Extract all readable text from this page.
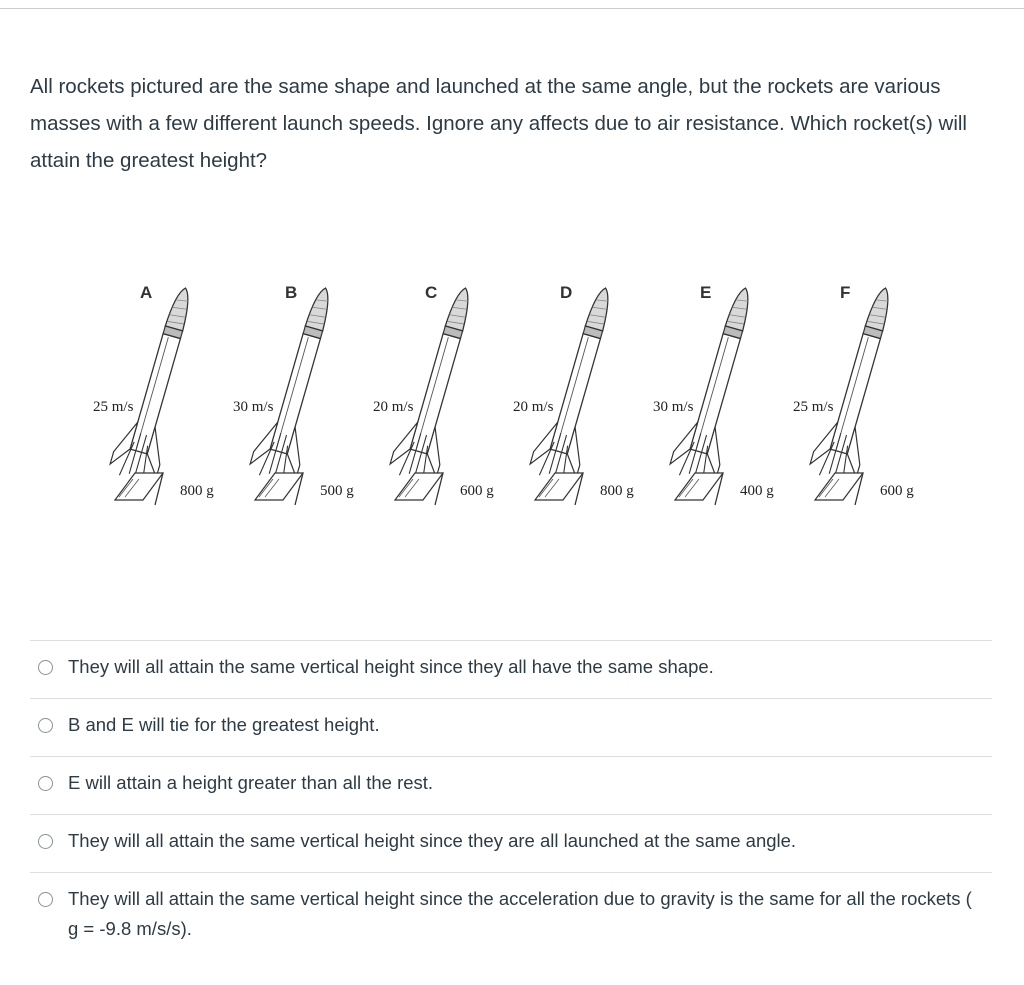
All rockets pictured are the same shape and launched at the same angle, but the rockets are various masses with a few different launch speeds. Ignore any affects due to air resistance. Which rocket(s) will attain the greatest height?

A
25 m/s
800 g
B
30 m/s
500 g
C
20 m/s
600 g
D
20 m/s
800 g
E
30 m/s
400 g
F
25 m/s
600 g
They will all attain the same vertical height since they all have the same shape.
B and E will tie for the greatest height.
E will attain a height greater than all the rest.
They will all attain the same vertical height since they are all launched at the same angle.
They will all attain the same vertical height since the acceleration due to gravity is the same for all the rockets ( g = -9.8 m/s/s).
